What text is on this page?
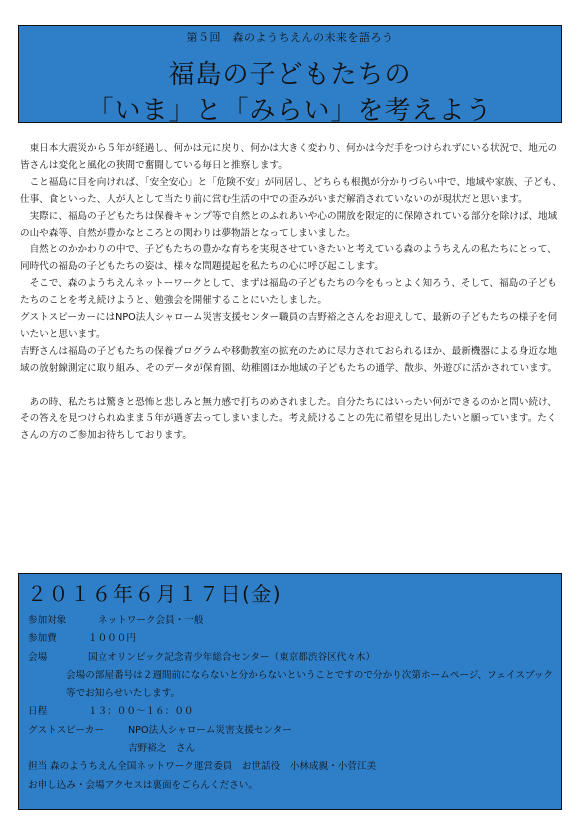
第５回　森のようちえんの未来を語ろう
福島の子どもたちの
「いま」と「みらい」を考えよう

東日本大震災から５年が経過し、何かは元に戻り、何かは大きく変わり、何かは今だ手をつけられずにいる状況で、地元の皆さんは変化と風化の狭間で奮闘している毎日と推察します。

こと福島に目を向ければ、「安全安心」と「危険不安」が同居し、どちらも根拠が分かりづらい中で、地域や家族、子ども、仕事、食といった、人が人として当たり前に営む生活の中での歪みがいまだ解消されていないのが現状だと思います。

実際に、福島の子どもたちは保養キャンプ等で自然とのふれあいや心の開放を限定的に保障されている部分を除けば、地域の山や森等、自然が豊かなところとの関わりは夢物語となってしまいました。

自然とのかかわりの中で、子どもたちの豊かな育ちを実現させていきたいと考えている森のようちえんの私たちにとって、同時代の福島の子どもたちの姿は、様々な問題提起を私たちの心に呼び起こします。

そこで、森のようちえんネットーワークとして、まずは福島の子どもたちの今をもっとよく知ろう、そして、福島の子どもたちのことを考え続けようと、勉強会を開催することにいたしました。

グストスピーカーにはNPO法人シャローム災害支援センター職員の吉野裕之さんをお迎えして、最新の子どもたちの様子を伺いたいと思います。

吉野さんは福島の子どもたちの保養プログラムや移動教室の拡充のために尽力されておられるほか、最新機器による身近な地域の放射線測定に取り組み、そのデータが保育園、幼稚園ほか地域の子どもたちの通学、散歩、外遊びに活かされています。

あの時、私たちは驚きと恐怖と悲しみと無力感で打ちのめされました。自分たちにはいったい何ができるのかと問い続け、その答えを見つけられぬまま５年が過ぎ去ってしまいました。考え続けることの先に希望を見出したいと願っています。たくさんの方のご参加お待ちしております。

２０１６年６月１７日(金)
参加対象	ネットワーク会員・一般
参加費	１０００円
会場	国立オリンピック記念青少年総合センター（東京都渋谷区代々木）
会場の部屋番号は２週間前にならないと分からないということですので分かり次第ホームページ、フェイスブック等でお知らせいたします。
日程	１３：００～１６：００
グストスピーカー	NPO法人シャローム災害支援センター
吉野裕之　さん
担当 森のようちえん全国ネットワーク運営委員　お世話役　小林成親・小菅江美
お申し込み・会場アクセスは裏面をごらんください。
